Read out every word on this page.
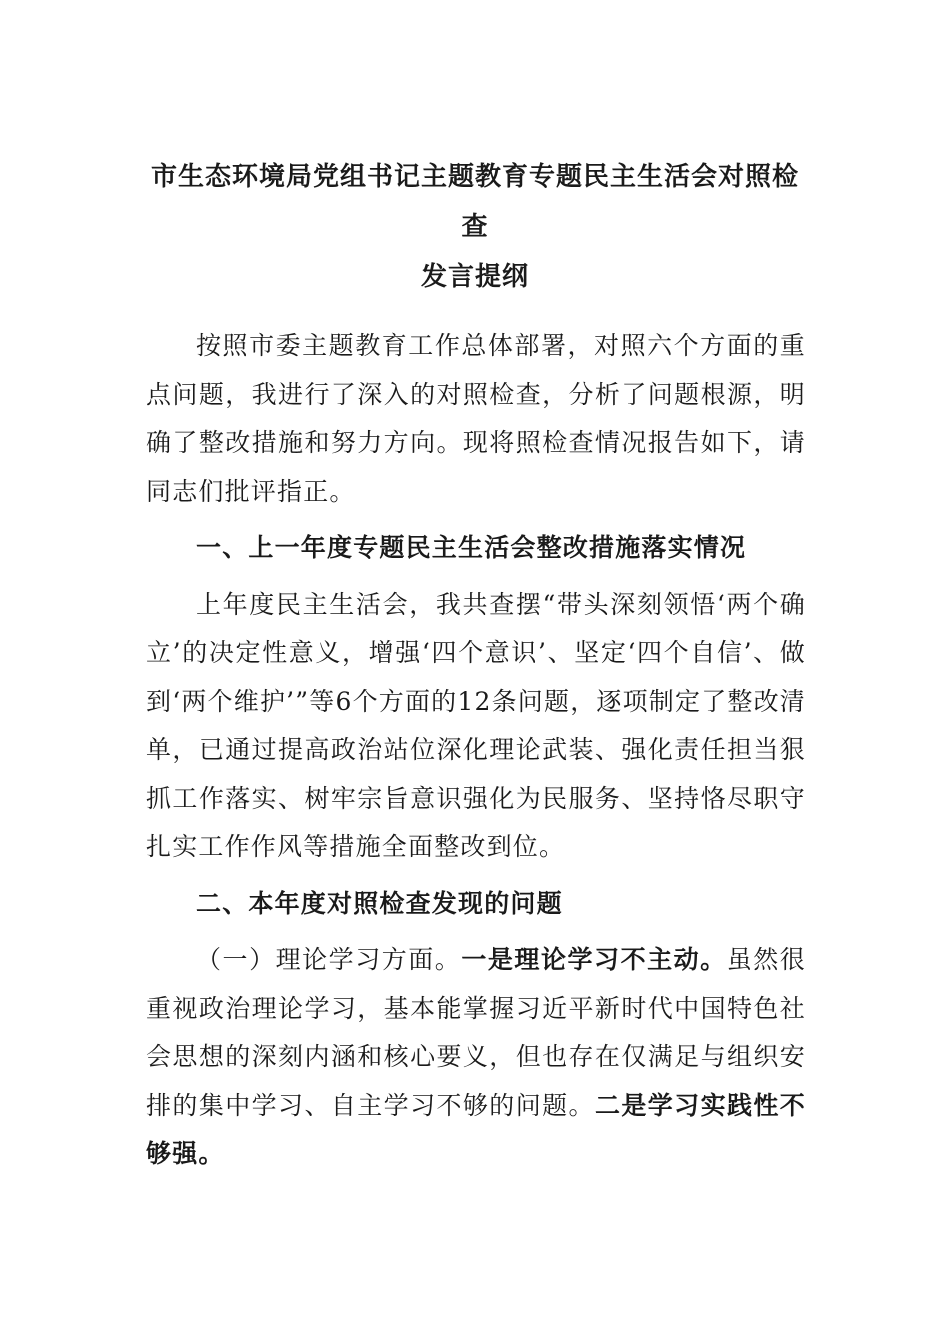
市生态环境局党组书记主题教育专题民主生活会对照检查
发言提纲

按照市委主题教育工作总体部署，对照六个方面的重点问题，我进行了深入的对照检查，分析了问题根源，明确了整改措施和努力方向。现将照检查情况报告如下，请同志们批评指正。

一、上一年度专题民主生活会整改措施落实情况

上年度民主生活会，我共查摆“带头深刻领悟‘两个确立’的决定性意义，增强‘四个意识’、坚定‘四个自信’、做到‘两个维护’”等6个方面的12条问题，逐项制定了整改清单，已通过提高政治站位深化理论武装、强化责任担当狠抓工作落实、树牢宗旨意识强化为民服务、坚持恪尽职守扎实工作作风等措施全面整改到位。

二、本年度对照检查发现的问题

（一）理论学习方面。一是理论学习不主动。虽然很重视政治理论学习，基本能掌握习近平新时代中国特色社会思想的深刻内涵和核心要义，但也存在仅满足与组织安排的集中学习、自主学习不够的问题。二是学习实践性不够强。
